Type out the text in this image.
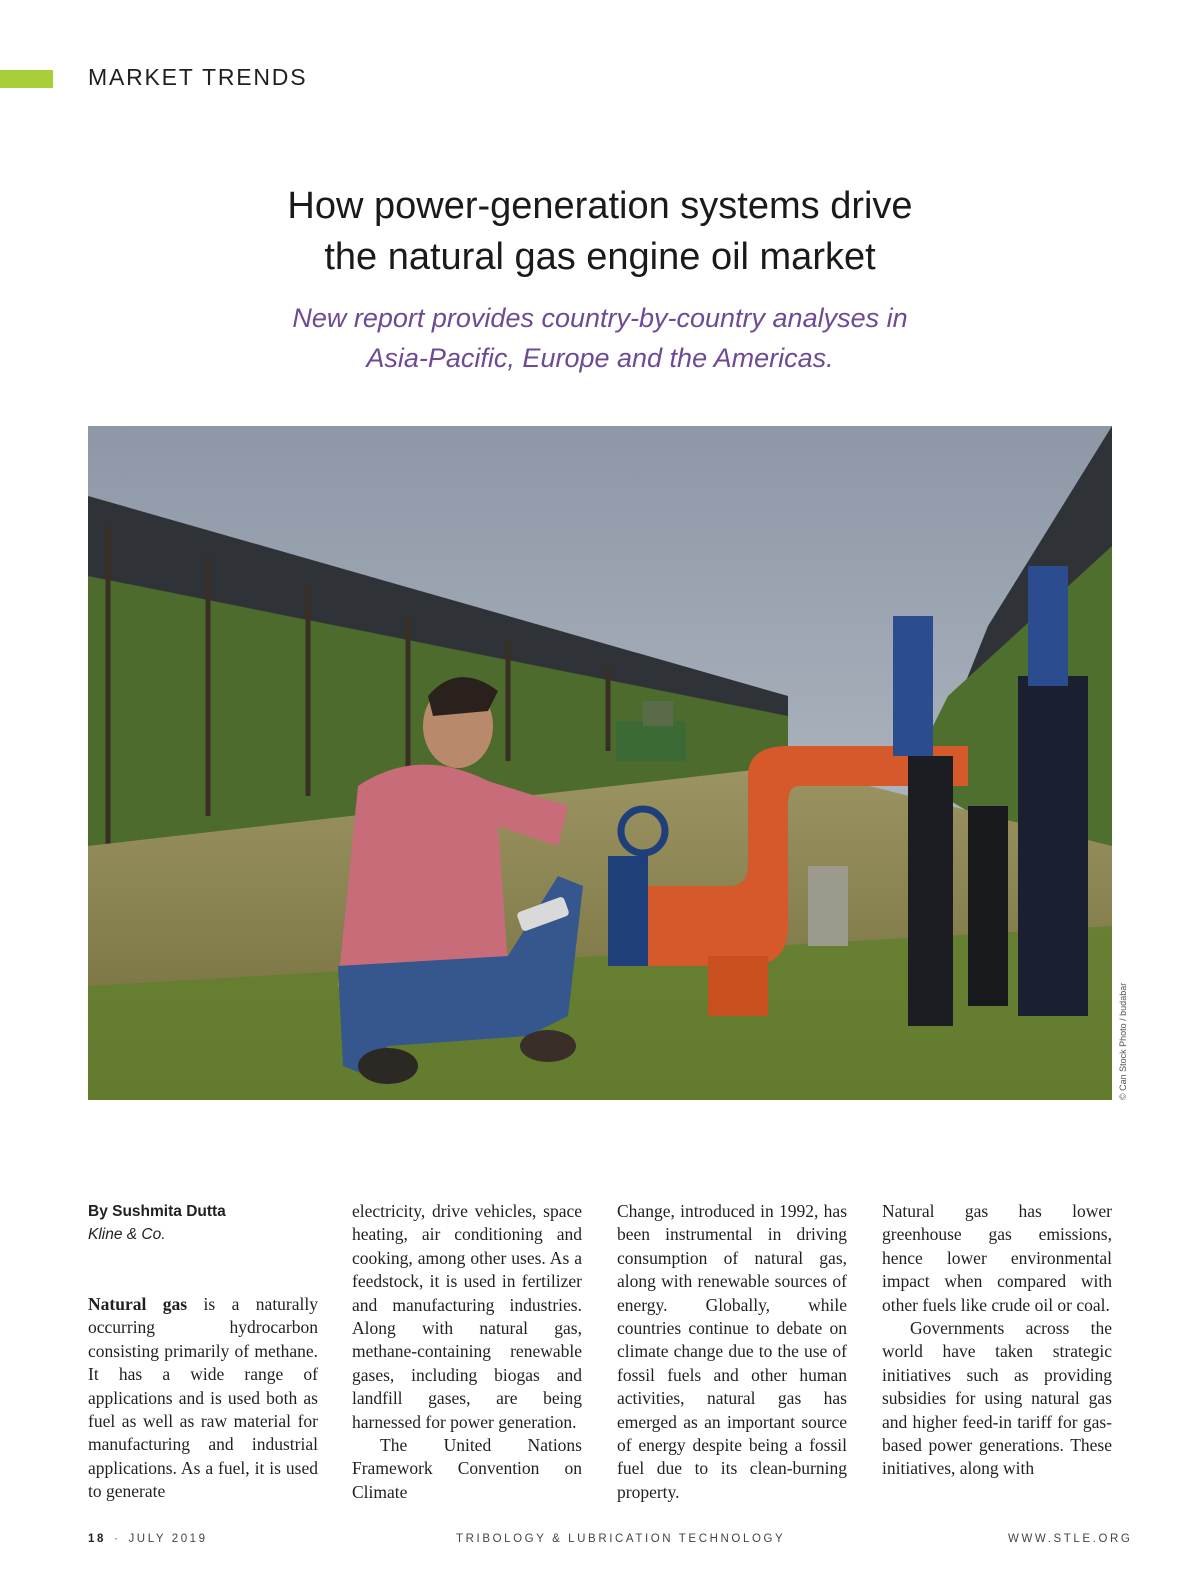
MARKET TRENDS
How power-generation systems drive
the natural gas engine oil market
New report provides country-by-country analyses in
Asia-Pacific, Europe and the Americas.
© Can Stock Photo / budabar

By Sushmita Dutta

Kline & Co.

Natural gas is a naturally occurring hydrocarbon consisting primarily of methane. It has a wide range of applications and is used both as fuel as well as raw material for manufacturing and industrial applications. As a fuel, it is used to generate

electricity, drive vehicles, space heating, air conditioning and cooking, among other uses. As a feedstock, it is used in fertilizer and manufacturing industries. Along with natural gas, methane-containing renewable gases, including biogas and landfill gases, are being harnessed for power generation.

The United Nations Framework Convention on Climate

Change, introduced in 1992, has been instrumental in driving consumption of natural gas, along with renewable sources of energy. Globally, while countries continue to debate on climate change due to the use of fossil fuels and other human activities, natural gas has emerged as an important source of energy despite being a fossil fuel due to its clean-burning property.

Natural gas has lower greenhouse gas emissions, hence lower environmental impact when compared with other fuels like crude oil or coal.

Governments across the world have taken strategic initiatives such as providing subsidies for using natural gas and higher feed-in tariff for gas-based power generations. These initiatives, along with

18 · JULY 2019	TRIBOLOGY & LUBRICATION TECHNOLOGY	WWW.STLE.ORG
